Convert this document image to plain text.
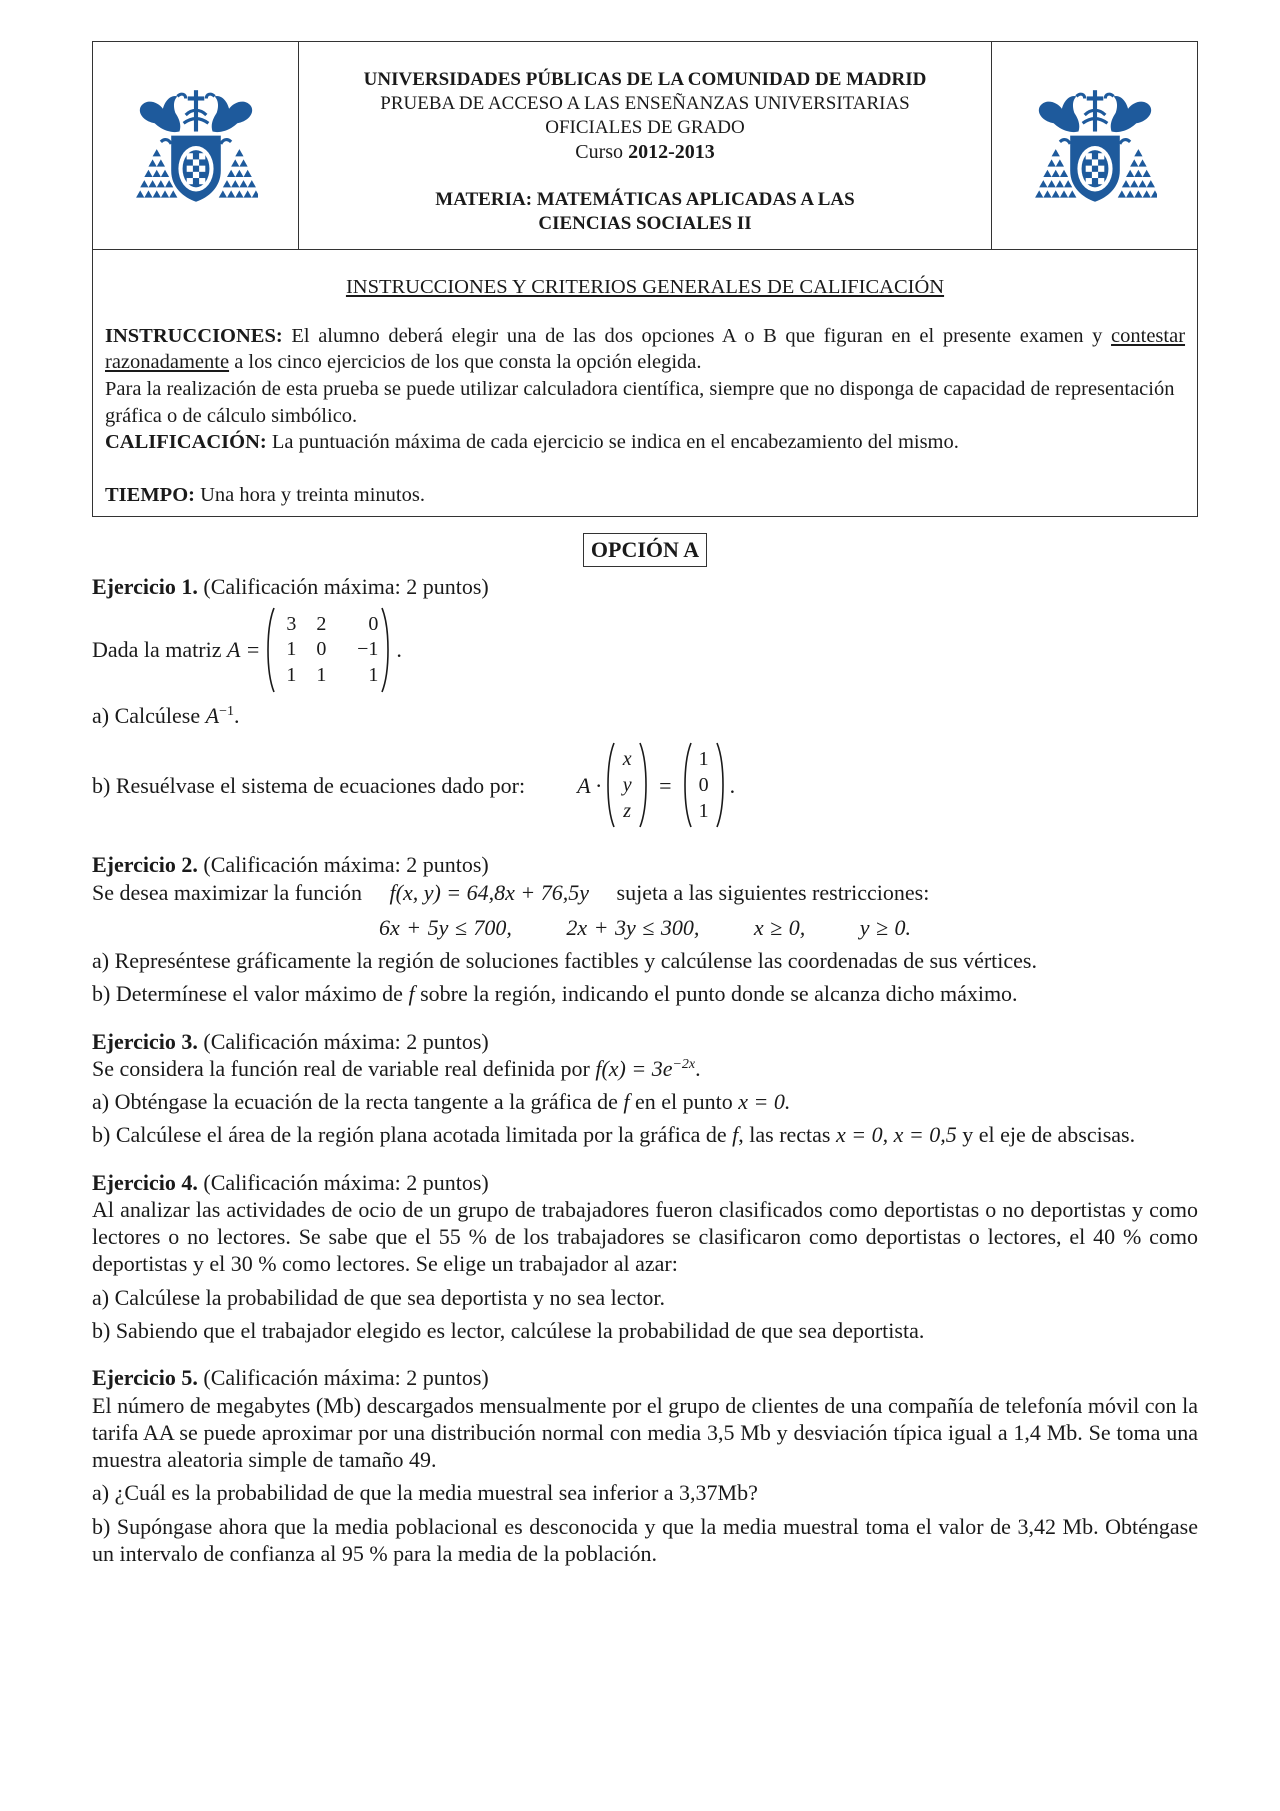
UNIVERSIDADES PÚBLICAS DE LA COMUNIDAD DE MADRID
PRUEBA DE ACCESO A LAS ENSEÑANZAS UNIVERSITARIAS
OFICIALES DE GRADO
Curso 2012-2013
MATERIA: MATEMÁTICAS APLICADAS A LAS
CIENCIAS SOCIALES II
INSTRUCCIONES Y CRITERIOS GENERALES DE CALIFICACIÓN

INSTRUCCIONES: El alumno deberá elegir una de las dos opciones A o B que figuran en el presente examen y contestar razonadamente a los cinco ejercicios de los que consta la opción elegida.

Para la realización de esta prueba se puede utilizar calculadora científica, siempre que no disponga de capacidad de representación gráfica o de cálculo simbólico.

CALIFICACIÓN: La puntuación máxima de cada ejercicio se indica en el encabezamiento del mismo.

TIEMPO: Una hora y treinta minutos.

OPCIÓN A

Ejercicio 1. (Calificación máxima: 2 puntos)

Dada la matriz
A =
3	2	0
1	0	−1
1	1	1
.

a) Calcúlese $A^{-1}$.

b) Resuélvase el sistema de ecuaciones dado por: A ·
x
y
z
=
1
0
1
.

Ejercicio 2. (Calificación máxima: 2 puntos)

Se desea maximizar la función f(x, y) = 64,8x + 76,5y sujeta a las siguientes restricciones:

6x + 5y ≤ 700, 2x + 3y ≤ 300, x ≥ 0, y ≥ 0.

a) Represéntese gráficamente la región de soluciones factibles y calcúlense las coordenadas de sus vértices.

b) Determínese el valor máximo de f sobre la región, indicando el punto donde se alcanza dicho máximo.

Ejercicio 3. (Calificación máxima: 2 puntos)

Se considera la función real de variable real definida por $f(x) = 3e^{-2x}$.

a) Obténgase la ecuación de la recta tangente a la gráfica de f en el punto x = 0.

b) Calcúlese el área de la región plana acotada limitada por la gráfica de f, las rectas x = 0, x = 0,5 y el eje de abscisas.

Ejercicio 4. (Calificación máxima: 2 puntos)

Al analizar las actividades de ocio de un grupo de trabajadores fueron clasificados como deportistas o no deportistas y como lectores o no lectores. Se sabe que el 55 % de los trabajadores se clasificaron como deportistas o lectores, el 40 % como deportistas y el 30 % como lectores. Se elige un trabajador al azar:

a) Calcúlese la probabilidad de que sea deportista y no sea lector.

b) Sabiendo que el trabajador elegido es lector, calcúlese la probabilidad de que sea deportista.

Ejercicio 5. (Calificación máxima: 2 puntos)

El número de megabytes (Mb) descargados mensualmente por el grupo de clientes de una compañía de telefonía móvil con la tarifa AA se puede aproximar por una distribución normal con media 3,5 Mb y desviación típica igual a 1,4 Mb. Se toma una muestra aleatoria simple de tamaño 49.

a) ¿Cuál es la probabilidad de que la media muestral sea inferior a 3,37Mb?

b) Supóngase ahora que la media poblacional es desconocida y que la media muestral toma el valor de 3,42 Mb. Obténgase un intervalo de confianza al 95 % para la media de la población.
